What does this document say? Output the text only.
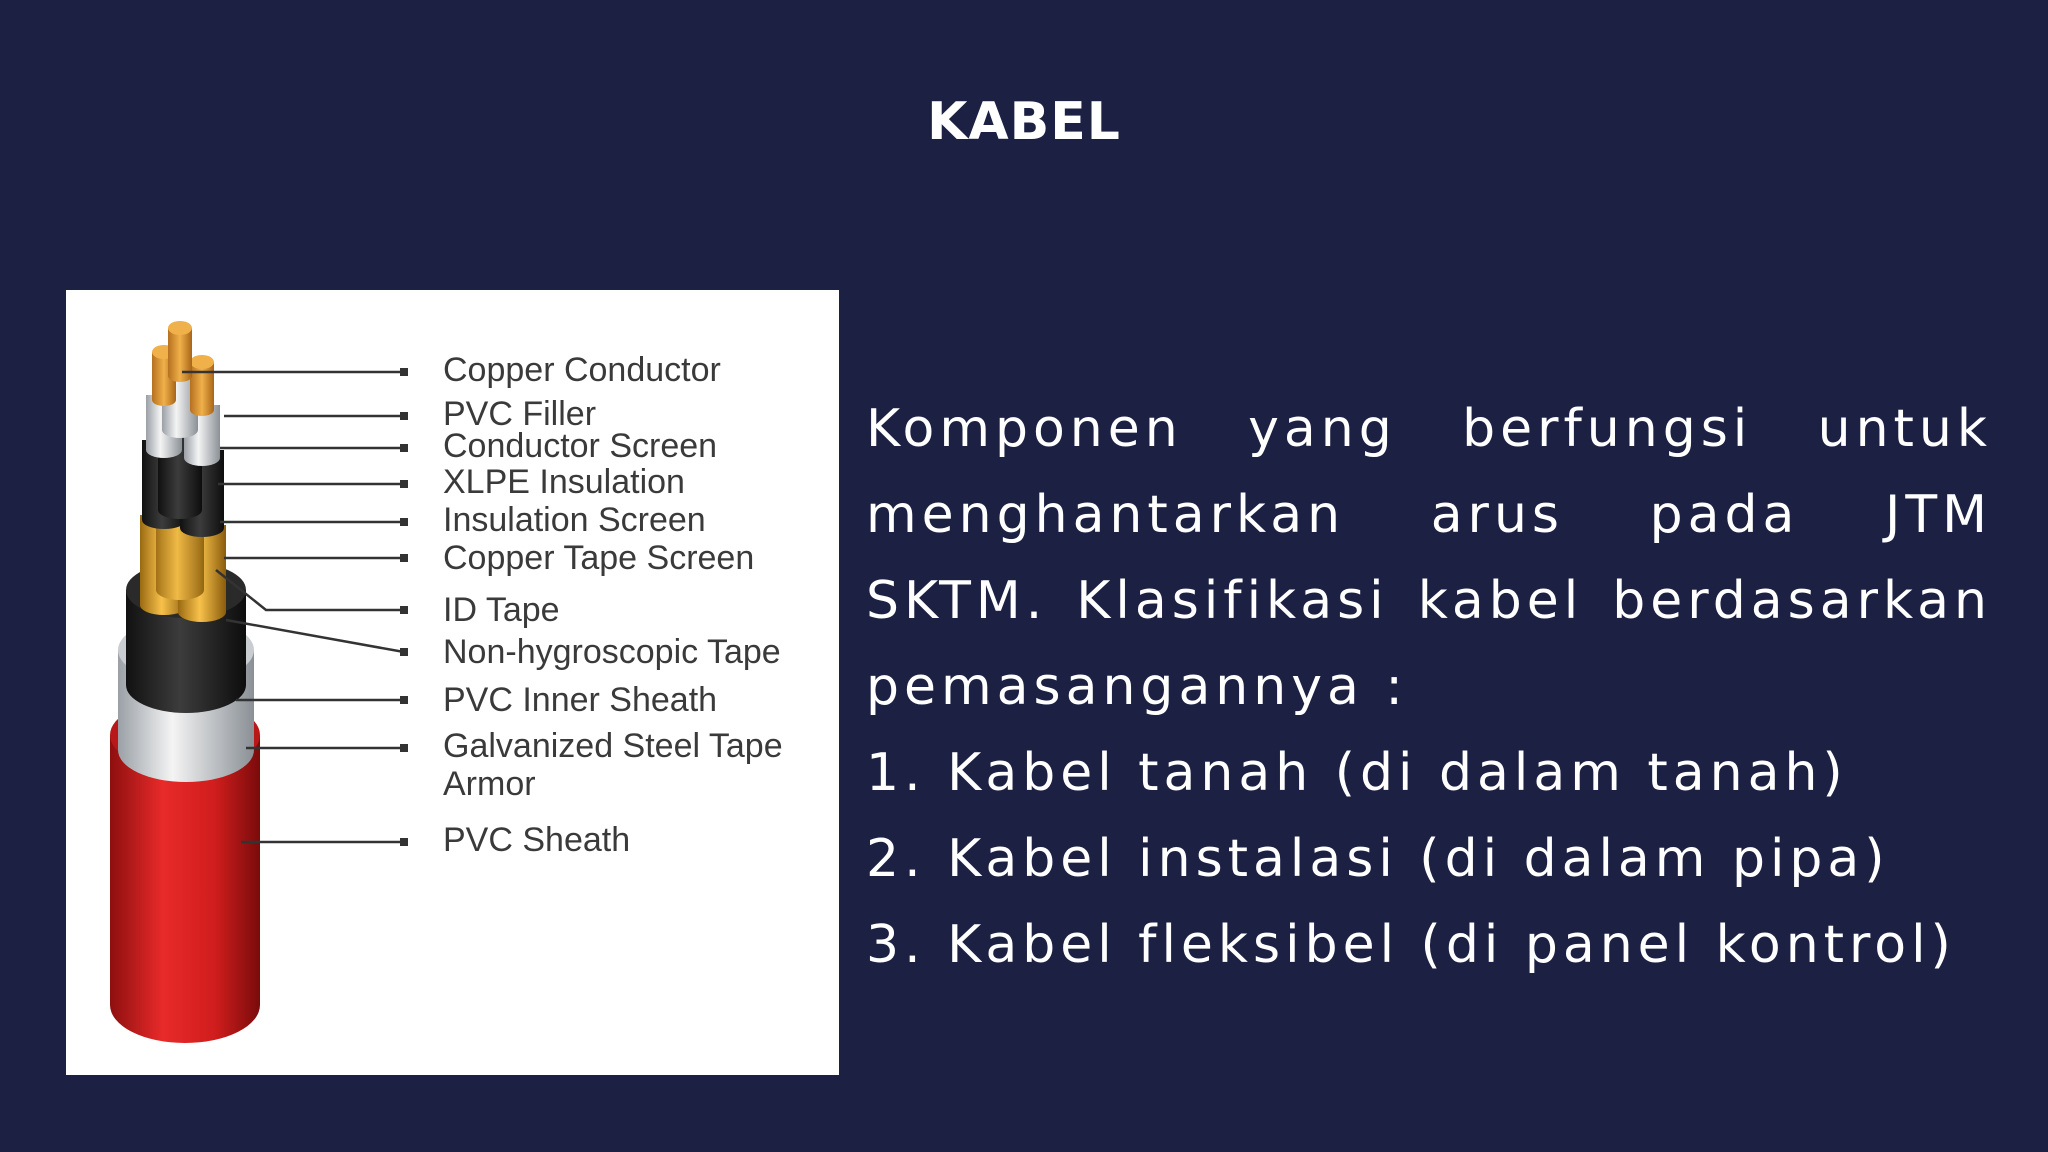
KABEL
Copper Conductor
PVC Filler
Conductor Screen
XLPE Insulation
Insulation Screen
Copper Tape Screen
ID Tape
Non-hygroscopic Tape
PVC Inner Sheath
Galvanized Steel Tape
Armor
PVC Sheath
Komponen yang berfungsi untuk menghantarkan arus pada JTM SKTM. Klasifikasi kabel berdasarkan pemasangannya :
1. Kabel tanah (di dalam tanah)
2. Kabel instalasi (di dalam pipa)
3. Kabel fleksibel (di panel kontrol)
